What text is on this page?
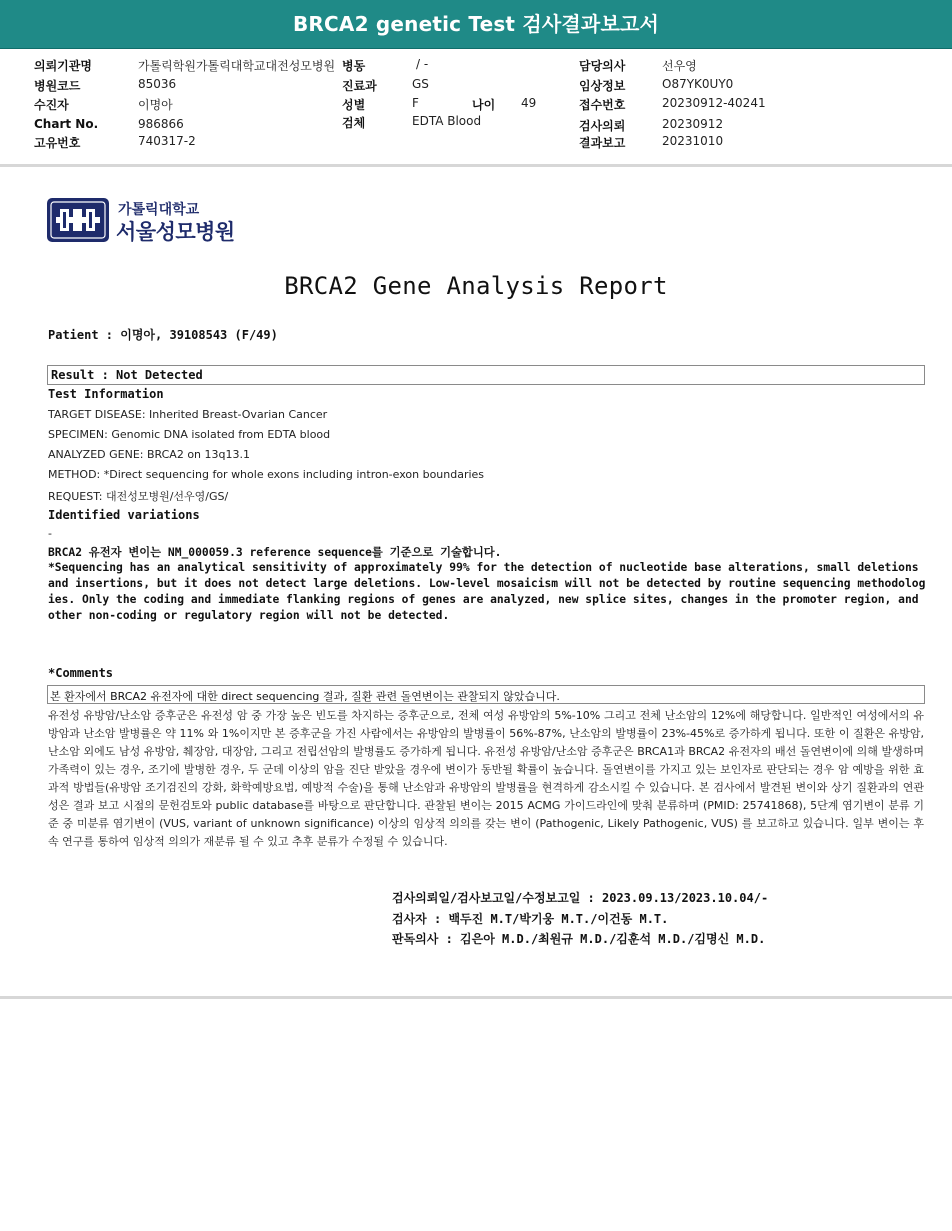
BRCA2 genetic Test 검사결과보고서
의뢰기관명	가톨릭학원가톨릭대학교대전성모병원
병원코드	85036
수진자	이명아
Chart No.	986866
고유번호	740317-2
병동	/ -
진료과	GS
성별	F	나이 49
검체	EDTA Blood
담당의사	선우영
임상정보	O87YK0UY0
접수번호	20230912-40241
검사의뢰	20230912
결과보고	20231010
가톨릭대학교
서울성모병원
BRCA2 Gene Analysis Report
Patient : 이명아, 39108543 (F/49)
Result : Not Detected
Test Information
TARGET DISEASE: Inherited Breast-Ovarian Cancer
SPECIMEN: Genomic DNA isolated from EDTA blood
ANALYZED GENE: BRCA2 on 13q13.1
METHOD: *Direct sequencing for whole exons including intron-exon boundaries
REQUEST: 대전성모병원/선우영/GS/
Identified variations
-
BRCA2 유전자 변이는 NM_000059.3 reference sequence를 기준으로 기술합니다.
*Sequencing has an analytical sensitivity of approximately 99% for the detection of nucleotide base alterations, small deletions and insertions, but it does not detect large deletions. Low-level mosaicism will not be detected by routine sequencing methodologies. Only the coding and immediate flanking regions of genes are analyzed, new splice sites, changes in the promoter region, and other non-coding or regulatory region will not be detected.
*Comments
본 환자에서 BRCA2 유전자에 대한 direct sequencing 결과, 질환 관련 돌연변이는 관찰되지 않았습니다.
유전성 유방암/난소암 증후군은 유전성 암 중 가장 높은 빈도를 차지하는 증후군으로, 전체 여성 유방암의 5%-10% 그리고 전체 난소암의 12%에 해당합니다. 일반적인 여성에서의 유방암과 난소암 발병률은 약 11% 와 1%이지만 본 증후군을 가진 사람에서는 유방암의 발병률이 56%-87%, 난소암의 발병률이 23%-45%로 증가하게 됩니다. 또한 이 질환은 유방암, 난소암 외에도 남성 유방암, 췌장암, 대장암, 그리고 전립선암의 발병률도 증가하게 됩니다. 유전성 유방암/난소암 증후군은 BRCA1과 BRCA2 유전자의 배선 돌연변이에 의해 발생하며 가족력이 있는 경우, 조기에 발병한 경우, 두 군데 이상의 암을 진단 받았을 경우에 변이가 동반될 확률이 높습니다. 돌연변이를 가지고 있는 보인자로 판단되는 경우 암 예방을 위한 효과적 방법들(유방암 조기검진의 강화, 화학예방요법, 예방적 수술)을 통해 난소암과 유방암의 발병률을 현격하게 감소시킬 수 있습니다. 본 검사에서 발견된 변이와 상기 질환과의 연관성은 결과 보고 시점의 문헌검토와 public database를 바탕으로 판단합니다. 관찰된 변이는 2015 ACMG 가이드라인에 맞춰 분류하며 (PMID: 25741868), 5단계 염기변이 분류 기준 중 미분류 염기변이 (VUS, variant of unknown significance) 이상의 임상적 의의를 갖는 변이 (Pathogenic, Likely Pathogenic, VUS) 를 보고하고 있습니다. 일부 변이는 후속 연구를 통하여 임상적 의의가 재분류 될 수 있고 추후 분류가 수정될 수 있습니다.
검사의뢰일/검사보고일/수정보고일 : 2023.09.13/2023.10.04/-
검사자 : 백두진 M.T/박기웅 M.T./이건동 M.T.
판독의사 : 김은아 M.D./최원규 M.D./김훈석 M.D./김명신 M.D.
